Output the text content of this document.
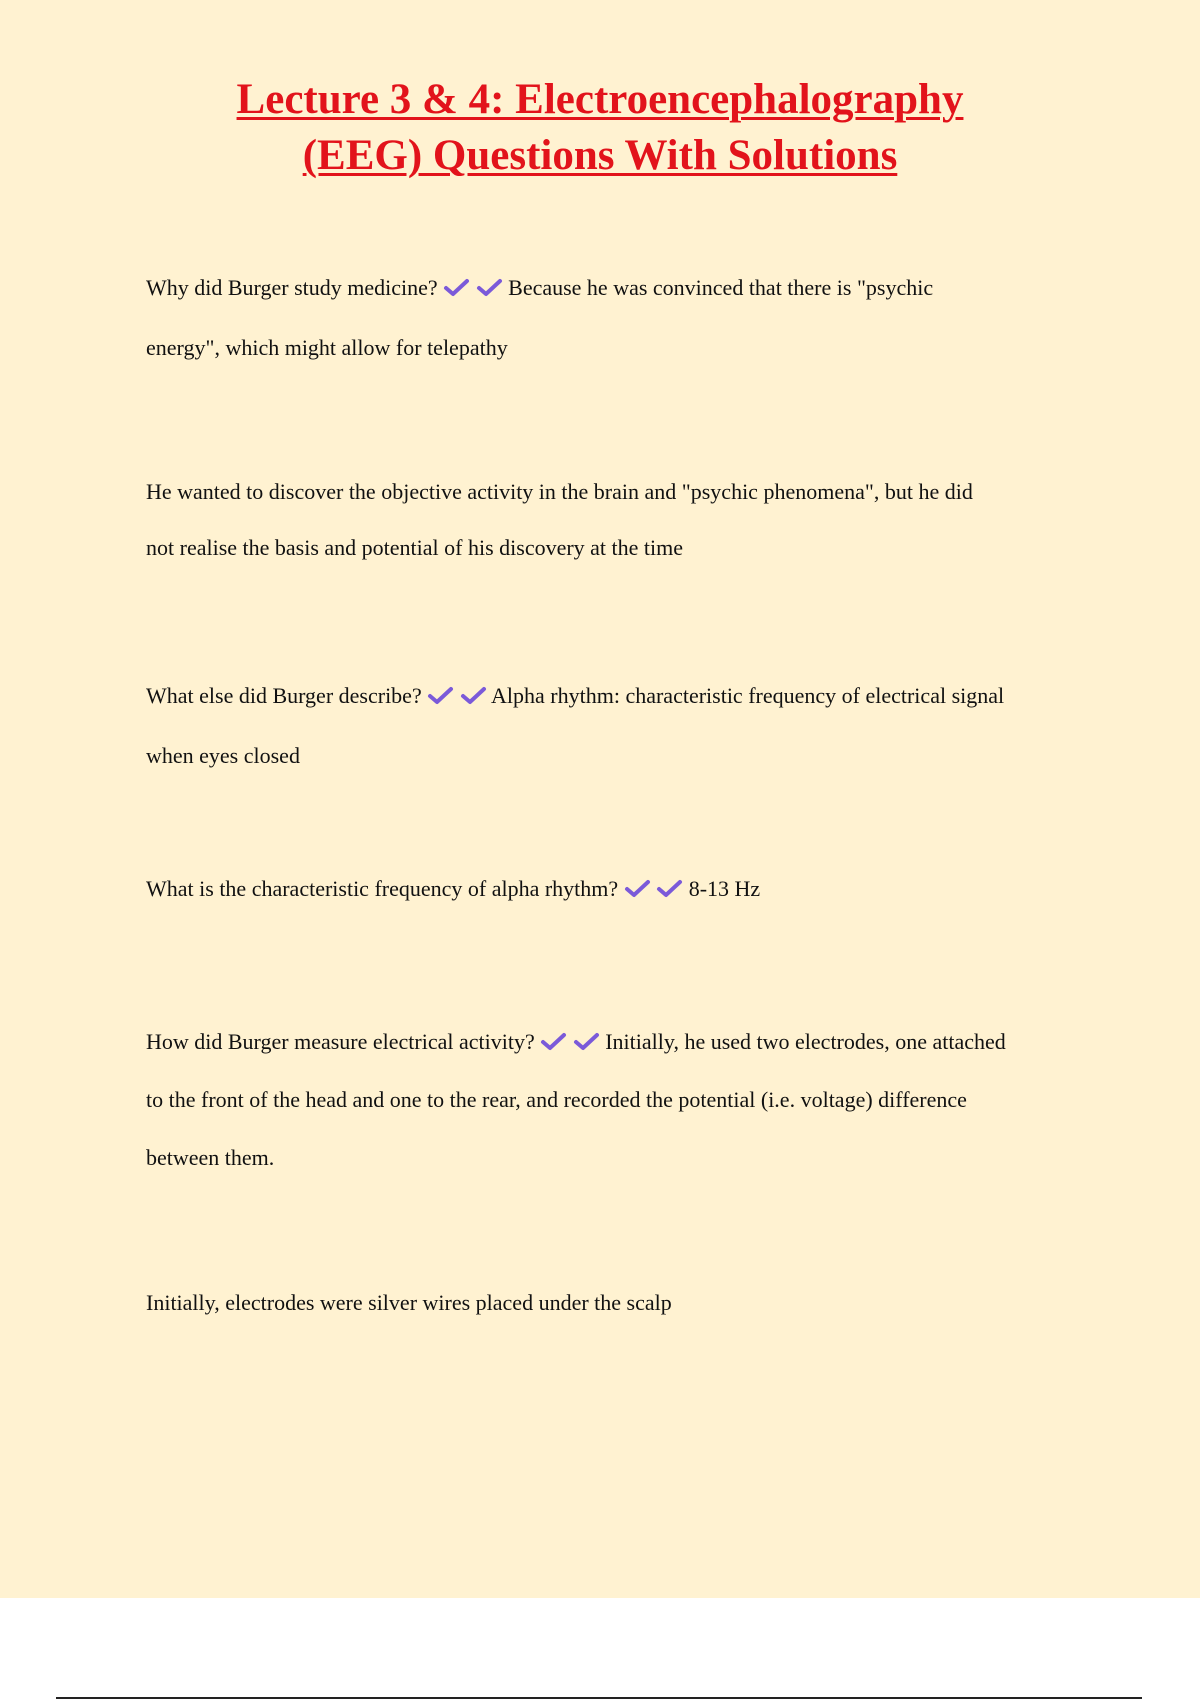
Lecture 3 & 4: Electroencephalography
(EEG) Questions With Solutions

Why did Burger study medicine?
	Because he was convinced that there is "psychic
energy", which might allow for telepathy

He wanted to discover the objective activity in the brain and "psychic phenomena", but he did
not realise the basis and potential of his discovery at the time

What else did Burger describe?
	Alpha rhythm: characteristic frequency of electrical signal
when eyes closed

What is the characteristic frequency of alpha rhythm?
	8-13 Hz

How did Burger measure electrical activity?
	Initially, he used two electrodes, one attached
to the front of the head and one to the rear, and recorded the potential (i.e. voltage) difference
between them.

Initially, electrodes were silver wires placed under the scalp
